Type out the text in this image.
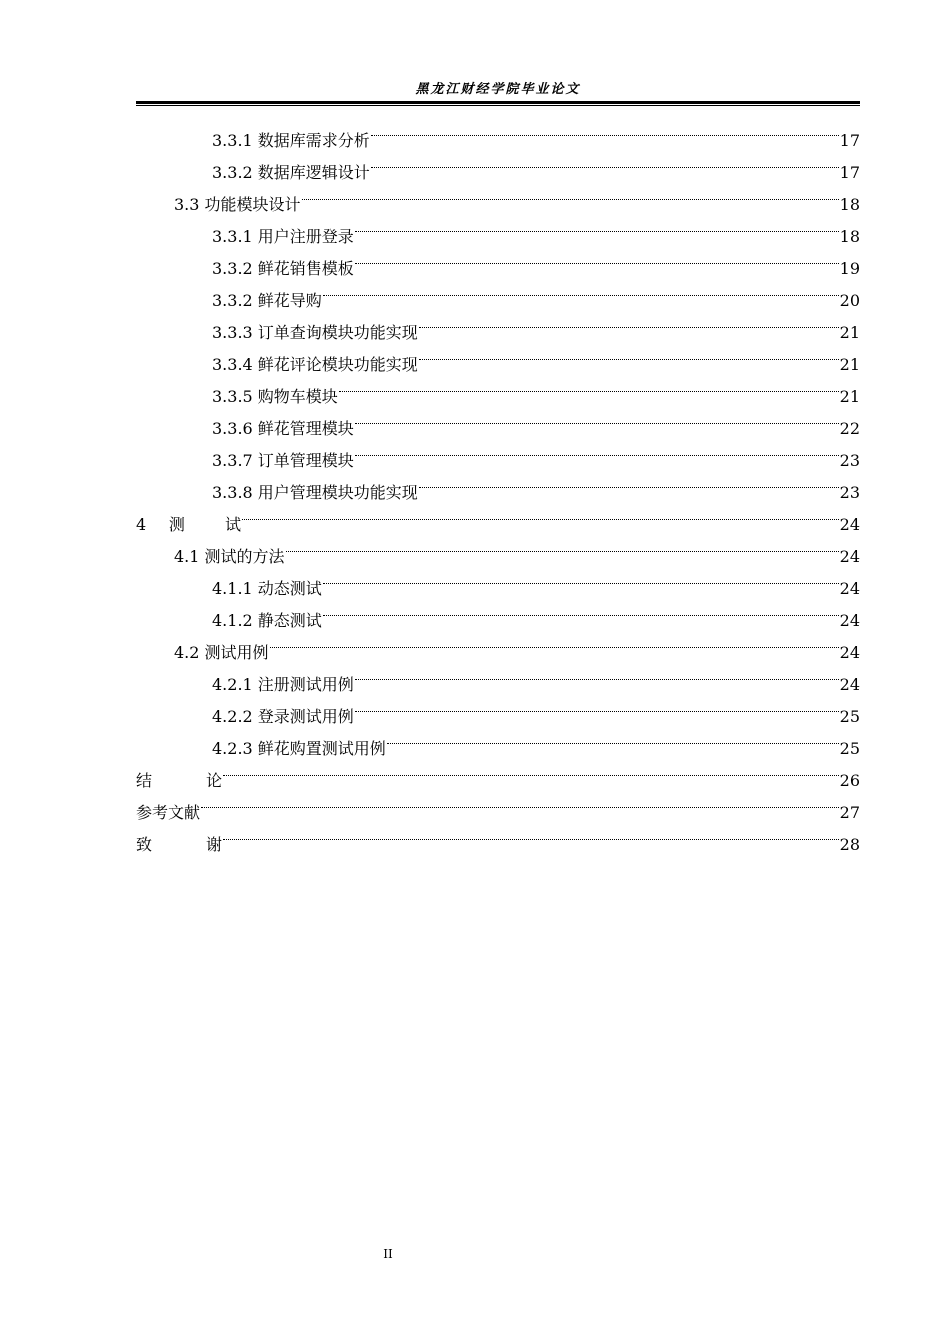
黑龙江财经学院毕业论文
3.3.1 数据库需求分析	17
3.3.2 数据库逻辑设计	17
3.3 功能模块设计	18
3.3.1 用户注册登录	18
3.3.2 鲜花销售模板	19
3.3.2 鲜花导购	20
3.3.3 订单查询模块功能实现	21
3.3.4 鲜花评论模块功能实现	21
3.3.5 购物车模块	21
3.3.6 鲜花管理模块	22
3.3.7 订单管理模块	23
3.3.8 用户管理模块功能实现	23
4 测 试	24
4.1 测试的方法	24
4.1.1 动态测试	24
4.1.2 静态测试	24
4.2 测试用例	24
4.2.1 注册测试用例	24
4.2.2 登录测试用例	25
4.2.3 鲜花购置测试用例	25
结 论	26
参考文献	27
致 谢	28
II
